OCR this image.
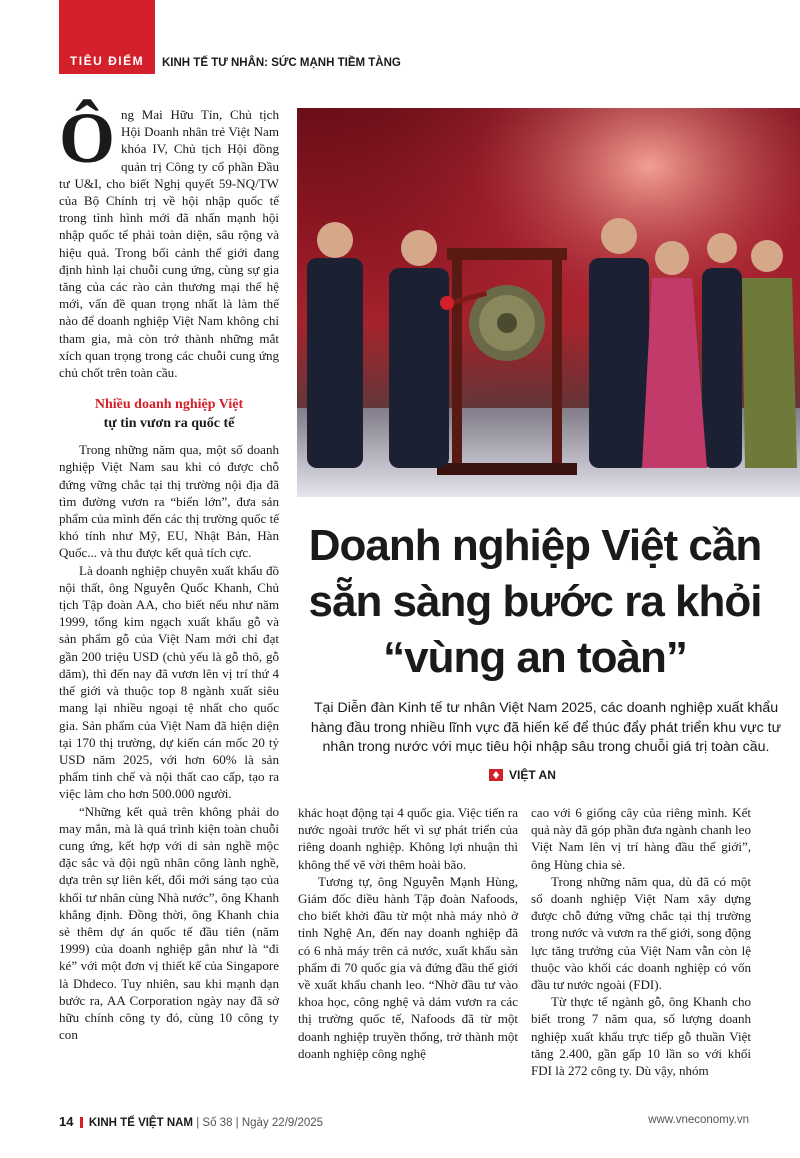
TIÊU ĐIỂM	KINH TẾ TƯ NHÂN: SỨC MẠNH TIỀM TÀNG

Ông Mai Hữu Tín, Chủ tịch Hội Doanh nhân trẻ Việt Nam khóa IV, Chủ tịch Hội đồng quản trị Công ty cổ phần Đầu tư U&I, cho biết Nghị quyết 59-NQ/TW của Bộ Chính trị về hội nhập quốc tế trong tình hình mới đã nhấn mạnh hội nhập quốc tế phải toàn diện, sâu rộng và hiệu quả. Trong bối cảnh thế giới đang định hình lại chuỗi cung ứng, cùng sự gia tăng của các rào cản thương mại thế hệ mới, vấn đề quan trọng nhất là làm thế nào để doanh nghiệp Việt Nam không chỉ tham gia, mà còn trở thành những mắt xích quan trọng trong các chuỗi cung ứng chủ chốt trên toàn cầu.

Nhiều doanh nghiệp Việt
tự tin vươn ra quốc tế

Trong những năm qua, một số doanh nghiệp Việt Nam sau khi có được chỗ đứng vững chắc tại thị trường nội địa đã tìm đường vươn ra “biển lớn”, đưa sản phẩm của mình đến các thị trường quốc tế khó tính như Mỹ, EU, Nhật Bản, Hàn Quốc... và thu được kết quả tích cực.

Là doanh nghiệp chuyên xuất khẩu đồ nội thất, ông Nguyễn Quốc Khanh, Chủ tịch Tập đoàn AA, cho biết nếu như năm 1999, tổng kim ngạch xuất khẩu gỗ và sản phẩm gỗ của Việt Nam mới chỉ đạt gần 200 triệu USD (chủ yếu là gỗ thô, gỗ dăm), thì đến nay đã vươn lên vị trí thứ 4 thế giới và thuộc top 8 ngành xuất siêu mang lại nhiều ngoại tệ nhất cho quốc gia. Sản phẩm của Việt Nam đã hiện diện tại 170 thị trường, dự kiến cán mốc 20 tỷ USD năm 2025, với hơn 60% là sản phẩm tinh chế và nội thất cao cấp, tạo ra việc làm cho hơn 500.000 người.

“Những kết quả trên không phải do may mắn, mà là quá trình kiện toàn chuỗi cung ứng, kết hợp với di sản nghề mộc đặc sắc và đội ngũ nhân công lành nghề, dựa trên sự liên kết, đổi mới sáng tạo của khối tư nhân cùng Nhà nước”, ông Khanh khẳng định. Đồng thời, ông Khanh chia sẻ thêm dự án quốc tế đầu tiên (năm 1999) của doanh nghiệp gắn như là “đi ké” với một đơn vị thiết kế của Singapore là Dhdeco. Tuy nhiên, sau khi mạnh dạn bước ra, AA Corporation ngày nay đã sở hữu chính công ty đó, cùng 10 công ty con

Doanh nghiệp Việt cần
sẵn sàng bước ra khỏi
“vùng an toàn”
Tại Diễn đàn Kinh tế tư nhân Việt Nam 2025, các doanh nghiệp xuất khẩu hàng đầu trong nhiều lĩnh vực đã hiến kế để thúc đẩy phát triển khu vực tư nhân trong nước với mục tiêu hội nhập sâu trong chuỗi giá trị toàn cầu.
VIỆT AN

khác hoạt động tại 4 quốc gia. Việc tiến ra nước ngoài trước hết vì sự phát triển của riêng doanh nghiệp. Không lợi nhuận thì không thể vẽ vời thêm hoài bão.

Tương tự, ông Nguyễn Mạnh Hùng, Giám đốc điều hành Tập đoàn Nafoods, cho biết khởi đầu từ một nhà máy nhỏ ở tỉnh Nghệ An, đến nay doanh nghiệp đã có 6 nhà máy trên cả nước, xuất khẩu sản phẩm đi 70 quốc gia và đứng đầu thế giới về xuất khẩu chanh leo. “Nhờ đầu tư vào khoa học, công nghệ và dám vươn ra các thị trường quốc tế, Nafoods đã từ một doanh nghiệp truyền thống, trở thành một doanh nghiệp công nghệ

cao với 6 giống cây của riêng mình. Kết quả này đã góp phần đưa ngành chanh leo Việt Nam lên vị trí hàng đầu thế giới”, ông Hùng chia sẻ.

Trong những năm qua, dù đã có một số doanh nghiệp Việt Nam xây dựng được chỗ đứng vững chắc tại thị trường trong nước và vươn ra thế giới, song động lực tăng trưởng của Việt Nam vẫn còn lệ thuộc vào khối các doanh nghiệp có vốn đầu tư nước ngoài (FDI).

Từ thực tế ngành gỗ, ông Khanh cho biết trong 7 năm qua, số lượng doanh nghiệp xuất khẩu trực tiếp gỗ thuần Việt tăng 2.400, gần gấp 10 lần so với khối FDI là 272 công ty. Dù vậy, nhóm

14 KINH TẾ VIỆT NAM | Số 38 | Ngày 22/9/2025	www.vneconomy.vn
